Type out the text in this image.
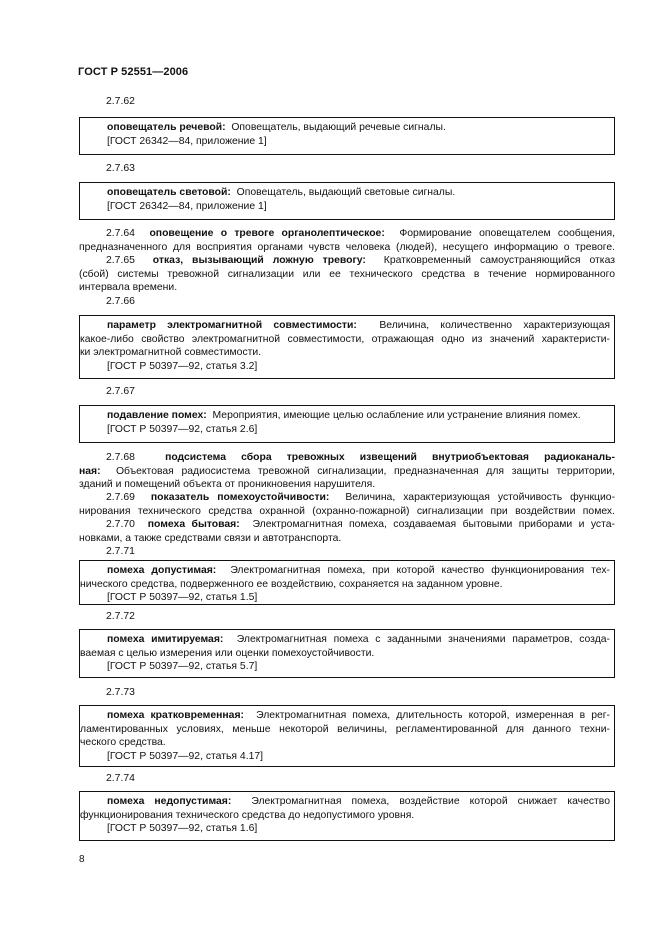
ГОСТ Р 52551—2006
2.7.62
оповещатель речевой: Оповещатель, выдающий речевые сигналы.
[ГОСТ 26342—84, приложение 1]
2.7.63
оповещатель световой: Оповещатель, выдающий световые сигналы.
[ГОСТ 26342—84, приложение 1]
2.7.64 оповещение о тревоге органолептическое: Формирование оповещателем сообщения,
предназначенного для восприятия органами чувств человека (людей), несущего информацию о тревоге.
2.7.65 отказ, вызывающий ложную тревогу: Кратковременный самоустраняющийся отказ
(сбой) системы тревожной сигнализации или ее технического средства в течение нормированного
интервала времени.
2.7.66
параметр электромагнитной совместимости: Величина, количественно характеризующая
какое-либо свойство электромагнитной совместимости, отражающая одно из значений характеристи-
ки электромагнитной совместимости.
[ГОСТ Р 50397—92, статья 3.2]
2.7.67
подавление помех: Мероприятия, имеющие целью ослабление или устранение влияния помех.
[ГОСТ Р 50397—92, статья 2.6]
2.7.68	подсистема сбора тревожных извещений внутриобъектовая радиоканаль-
ная: Объектовая радиосистема тревожной сигнализации, предназначенная для защиты территории,
зданий и помещений объекта от проникновения нарушителя.
2.7.69 показатель помехоустойчивости: Величина, характеризующая устойчивость функцио-
нирования технического средства охранной (охранно-пожарной) сигнализации при воздействии помех.
2.7.70 помеха бытовая: Электромагнитная помеха, создаваемая бытовыми приборами и уста-
новками, а также средствами связи и автотранспорта.
2.7.71
помеха допустимая: Электромагнитная помеха, при которой качество функционирования тех-
нического средства, подверженного ее воздействию, сохраняется на заданном уровне.
[ГОСТ Р 50397—92, статья 1.5]
2.7.72
помеха имитируемая: Электромагнитная помеха с заданными значениями параметров, созда-
ваемая с целью измерения или оценки помехоустойчивости.
[ГОСТ Р 50397—92, статья 5.7]
2.7.73
помеха кратковременная: Электромагнитная помеха, длительность которой, измеренная в рег-
ламентированных условиях, меньше некоторой величины, регламентированной для данного техни-
ческого средства.
[ГОСТ Р 50397—92, статья 4.17]
2.7.74
помеха недопустимая: Электромагнитная помеха, воздействие которой снижает качество
функционирования технического средства до недопустимого уровня.
[ГОСТ Р 50397—92, статья 1.6]
8
